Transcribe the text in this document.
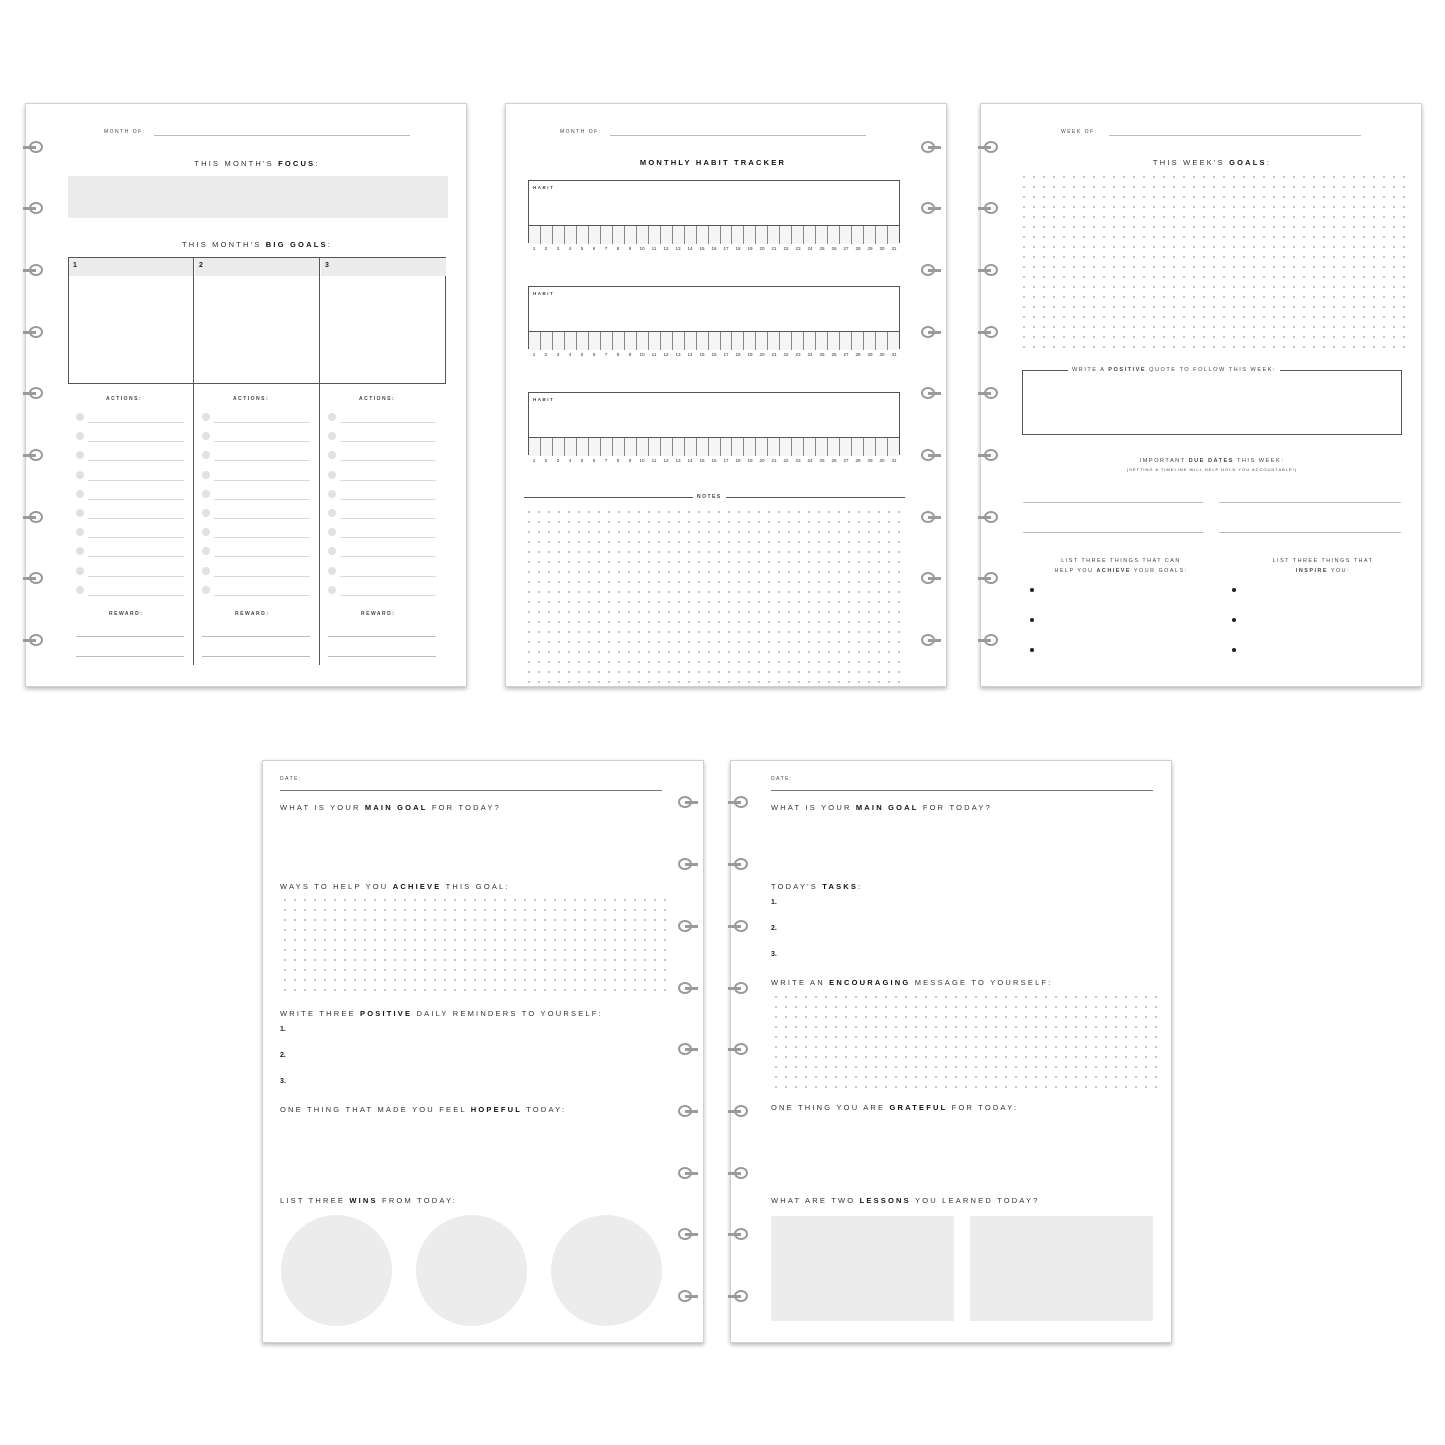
MONTH OF:
THIS MONTH'S FOCUS:
THIS MONTH'S BIG GOALS:
1	2	3
ACTIONS:	ACTIONS:	ACTIONS:
REWARD:	REWARD:	REWARD:
MONTH OF:
MONTHLY HABIT TRACKER
HABIT
1	2	3	4	5	6	7	8	9	10	11	12	13	14	15	16	17	18	19	20	21	22	23	24	25	26	27	28	29	30	31
HABIT
1	2	3	4	5	6	7	8	9	10	11	12	13	14	15	16	17	18	19	20	21	22	23	24	25	26	27	28	29	30	31
HABIT
1	2	3	4	5	6	7	8	9	10	11	12	13	14	15	16	17	18	19	20	21	22	23	24	25	26	27	28	29	30	31
NOTES
WEEK OF:
THIS WEEK'S GOALS:
WRITE A POSITIVE QUOTE TO FOLLOW THIS WEEK:
IMPORTANT DUE DATES THIS WEEK:
(SETTING A TIMELINE WILL HELP HOLD YOU ACCOUNTABLE!)
LIST THREE THINGS THAT CAN
HELP YOU ACHIEVE YOUR GOALS:
LIST THREE THINGS THAT
INSPIRE YOU:
DATE:
WHAT IS YOUR MAIN GOAL FOR TODAY?
WAYS TO HELP YOU ACHIEVE THIS GOAL:
WRITE THREE POSITIVE DAILY REMINDERS TO YOURSELF:
1.
2.
3.
ONE THING THAT MADE YOU FEEL HOPEFUL TODAY:
LIST THREE WINS FROM TODAY:
DATE:
WHAT IS YOUR MAIN GOAL FOR TODAY?
TODAY'S TASKS:
1.
2.
3.
WRITE AN ENCOURAGING MESSAGE TO YOURSELF:
ONE THING YOU ARE GRATEFUL FOR TODAY:
WHAT ARE TWO LESSONS YOU LEARNED TODAY?
